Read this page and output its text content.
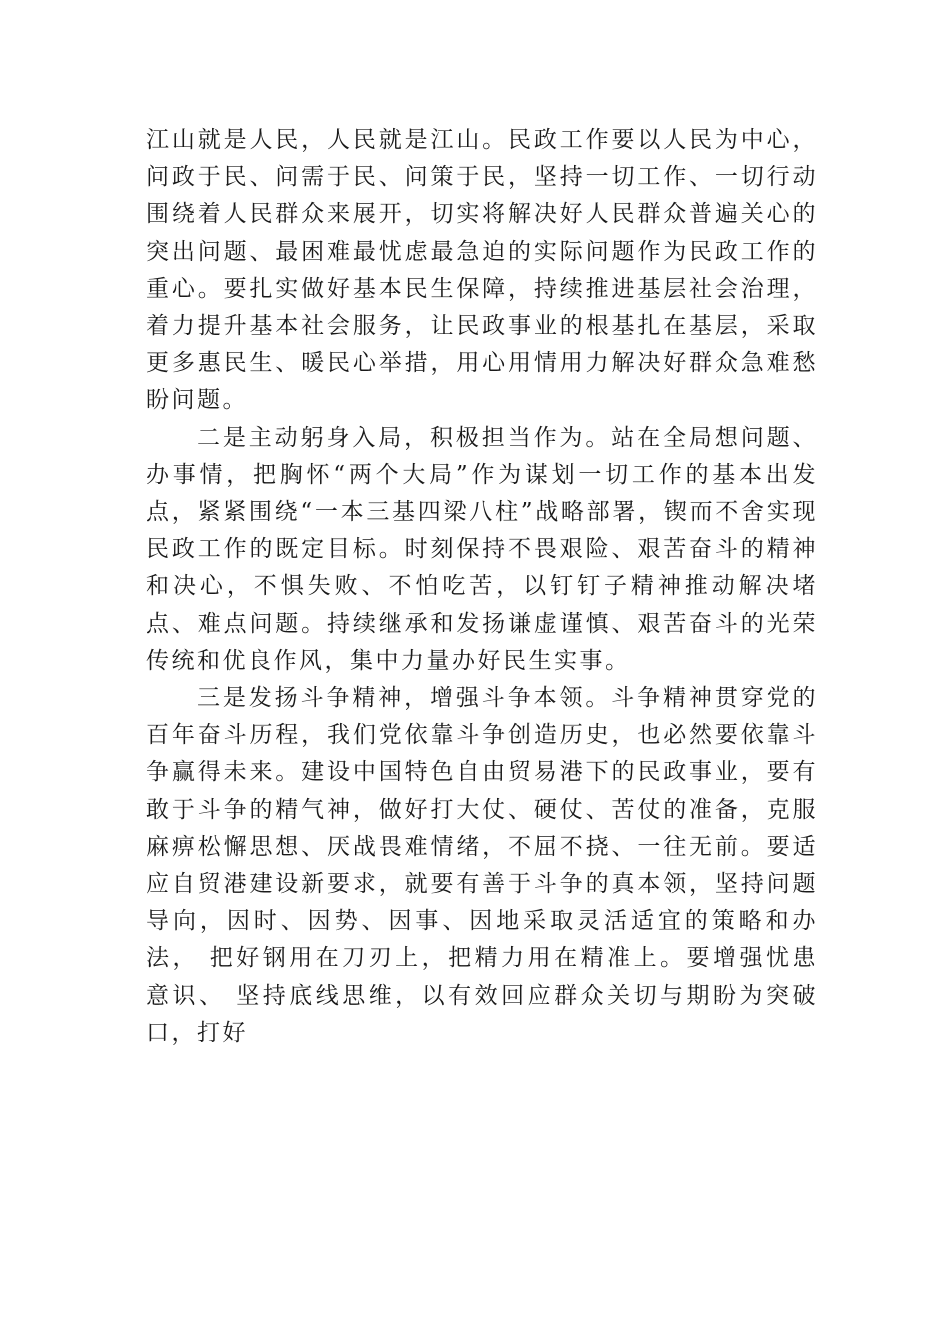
江山就是人民，人民就是江山。民政工作要以人民为中心， 问政于民、问需于民、问策于民，坚持一切工作、一切行动围绕着人民群众来展开，切实将解决好人民群众普遍关心的突出问题、最困难最忧虑最急迫的实际问题作为民政工作的重心。要扎实做好基本民生保障，持续推进基层社会治理， 着力提升基本社会服务，让民政事业的根基扎在基层，采取更多惠民生、暖民心举措，用心用情用力解决好群众急难愁盼问题。

二是主动躬身入局，积极担当作为。站在全局想问题、办事情，把胸怀“两个大局”作为谋划一切工作的基本出发点，紧紧围绕“一本三基四梁八柱”战略部署，锲而不舍实现民政工作的既定目标。时刻保持不畏艰险、艰苦奋斗的精神和决心，不惧失败、不怕吃苦，以钉钉子精神推动解决堵点、难点问题。持续继承和发扬谦虚谨慎、艰苦奋斗的光荣传统和优良作风，集中力量办好民生实事。

三是发扬斗争精神，增强斗争本领。斗争精神贯穿党的百年奋斗历程，我们党依靠斗争创造历史，也必然要依靠斗争赢得未来。建设中国特色自由贸易港下的民政事业，要有敢于斗争的精气神，做好打大仗、硬仗、苦仗的准备，克服麻痹松懈思想、厌战畏难情绪，不屈不挠、一往无前。要适应自贸港建设新要求，就要有善于斗争的真本领，坚持问题导向，因时、因势、因事、因地采取灵活适宜的策略和办法， 把好钢用在刀刃上，把精力用在精准上。要增强忧患意识、 坚持底线思维，以有效回应群众关切与期盼为突破口，打好
